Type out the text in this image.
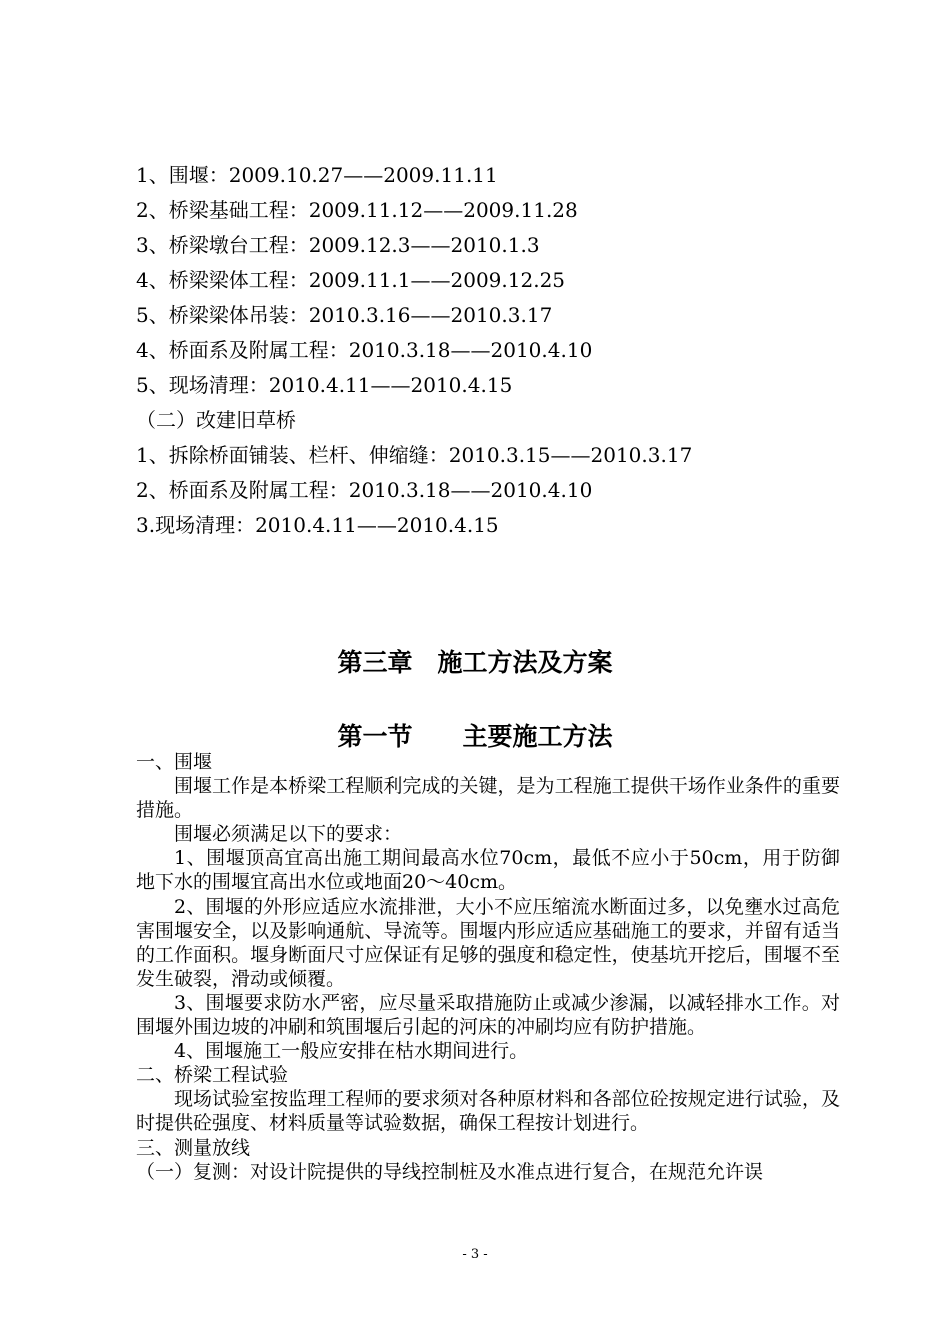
1、围堰：2009.10.27——2009.11.11
2、桥梁基础工程：2009.11.12——2009.11.28
3、桥梁墩台工程：2009.12.3——2010.1.3
4、桥梁梁体工程：2009.11.1——2009.12.25
5、桥梁梁体吊装：2010.3.16——2010.3.17
4、桥面系及附属工程：2010.3.18——2010.4.10
5、现场清理：2010.4.11——2010.4.15
（二）改建旧草桥
1、拆除桥面铺装、栏杆、伸缩缝：2010.3.15——2010.3.17
2、桥面系及附属工程：2010.3.18——2010.4.10
3.现场清理：2010.4.11——2010.4.15
第三章　施工方法及方案
第一节　　主要施工方法

一、围堰

围堰工作是本桥梁工程顺利完成的关键，是为工程施工提供干场作业条件的重要措施。

围堰必须满足以下的要求：

1、围堰顶高宜高出施工期间最高水位70cm，最低不应小于50cm，用于防御地下水的围堰宜高出水位或地面20～40cm。

2、围堰的外形应适应水流排泄，大小不应压缩流水断面过多，以免壅水过高危害围堰安全，以及影响通航、导流等。围堰内形应适应基础施工的要求，并留有适当的工作面积。堰身断面尺寸应保证有足够的强度和稳定性，使基坑开挖后，围堰不至发生破裂，滑动或倾覆。

3、围堰要求防水严密，应尽量采取措施防止或减少渗漏，以减轻排水工作。对围堰外围边坡的冲刷和筑围堰后引起的河床的冲刷均应有防护措施。

4、围堰施工一般应安排在枯水期间进行。

二、桥梁工程试验

现场试验室按监理工程师的要求须对各种原材料和各部位砼按规定进行试验，及时提供砼强度、材料质量等试验数据，确保工程按计划进行。

三、测量放线

（一）复测：对设计院提供的导线控制桩及水准点进行复合，在规范允许误

- 3 -
